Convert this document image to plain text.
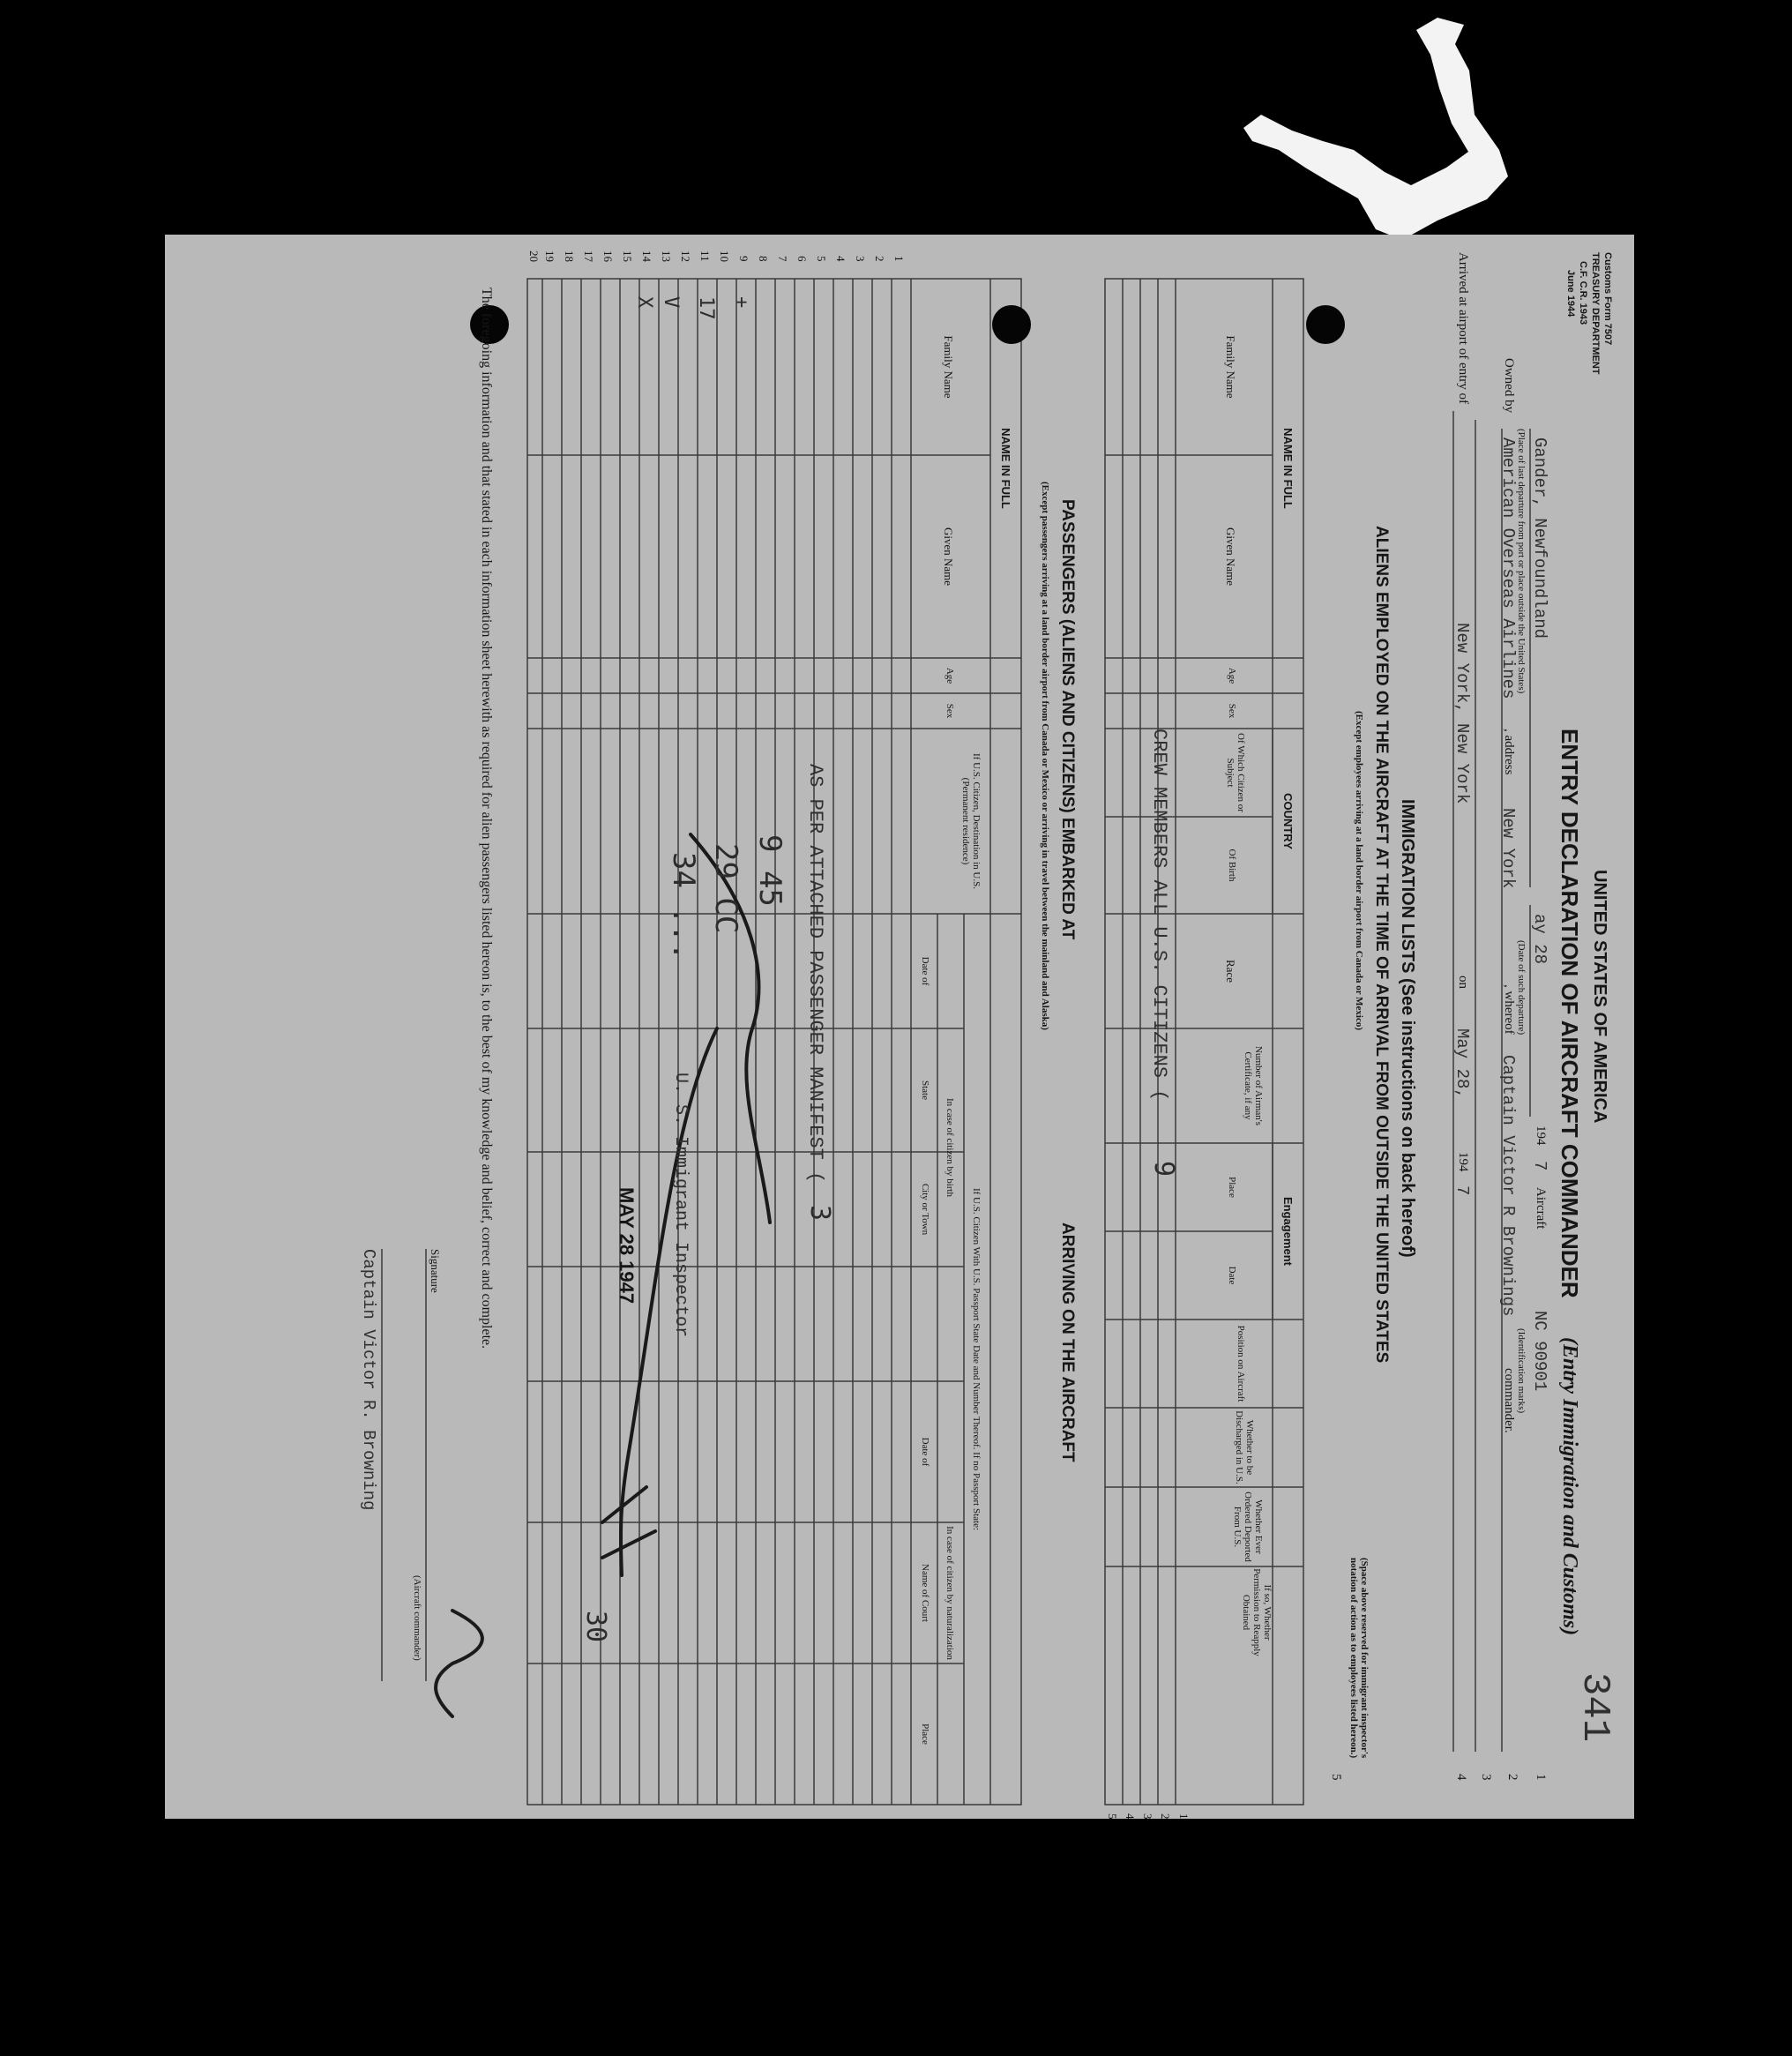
Customs Form 7507
TREASURY DEPARTMENT
C.F. C.R. 1943
June 1944
341
UNITED STATES OF AMERICA
ENTRY DECLARATION OF AIRCRAFT COMMANDER
(Entry Immigration and Customs)
Gander, Newfoundland
ay 28
194
7
Aircraft
NC 90901
1
(Place of last departure from port or place outside the United States)
(Date of such departure)
(Identification marks)
2
Owned by
American Overseas Airlines
, address
New York
, whereof
Captain Victor R Brownings
commander.
3
Arrived at airport of entry of
New York, New York
on
May 28,
194
7
4
IMMIGRATION LISTS (See instructions on back hereof)
ALIENS EMPLOYED ON THE AIRCRAFT AT THE TIME OF ARRIVAL FROM OUTSIDE THE UNITED STATES
(Except employees arriving at a land border airport from Canada or Mexico)
(Space above reserved for immigrant inspector's notation of action as to employees listed hereon.)
5
NAME IN FULL
Family Name
Given Name
Age
Sex
COUNTRY
Of Which Citizen or Subject
Of Birth
Race
Number of Airman's Certificate, if any
Engagement
Place
Date
Position on Aircraft
Whether to be Discharged in U.S.
Whether Ever Ordered Deported From U.S.
If so, Whether Permission to Reapply Obtained
1
2
3
4
5
CREW MEMBERS ALL U.S. CITIZENS (
9
PASSENGERS (ALIENS AND CITIZENS) EMBARKED AT
ARRIVING ON THE AIRCRAFT
(Except passengers arriving at a land border airport from Canada or Mexico or arriving in travel between the mainland and Alaska)
NAME IN FULL
Family Name
Given Name
Age
Sex
If U.S. Citizen, Destination in U.S. (Permanent residence)
If U.S. Citizen With U.S. Passport State Date and Number Thereof. If no Passport State:
In case of citizen by birth
In case of citizen by naturalization
Date of
State
City or Town
Date of
Name of Court
Place
1
2
3
4
5
6
7
8
9
10
11
12
13
14
15
16
17
18
19
20
+
17
V
X
AS PER ATTACHED PASSENGER MANIFEST (
3
9 45
29 CC
34 ...
U. S. Immigrant Inspector
MAY 28 1947
30
The foregoing information and that stated in each information sheet herewith as required for alien passengers listed hereon is, to the best of my knowledge and belief, correct and complete.
Signature
Captain Victor R. Browning
(Aircraft commander)
